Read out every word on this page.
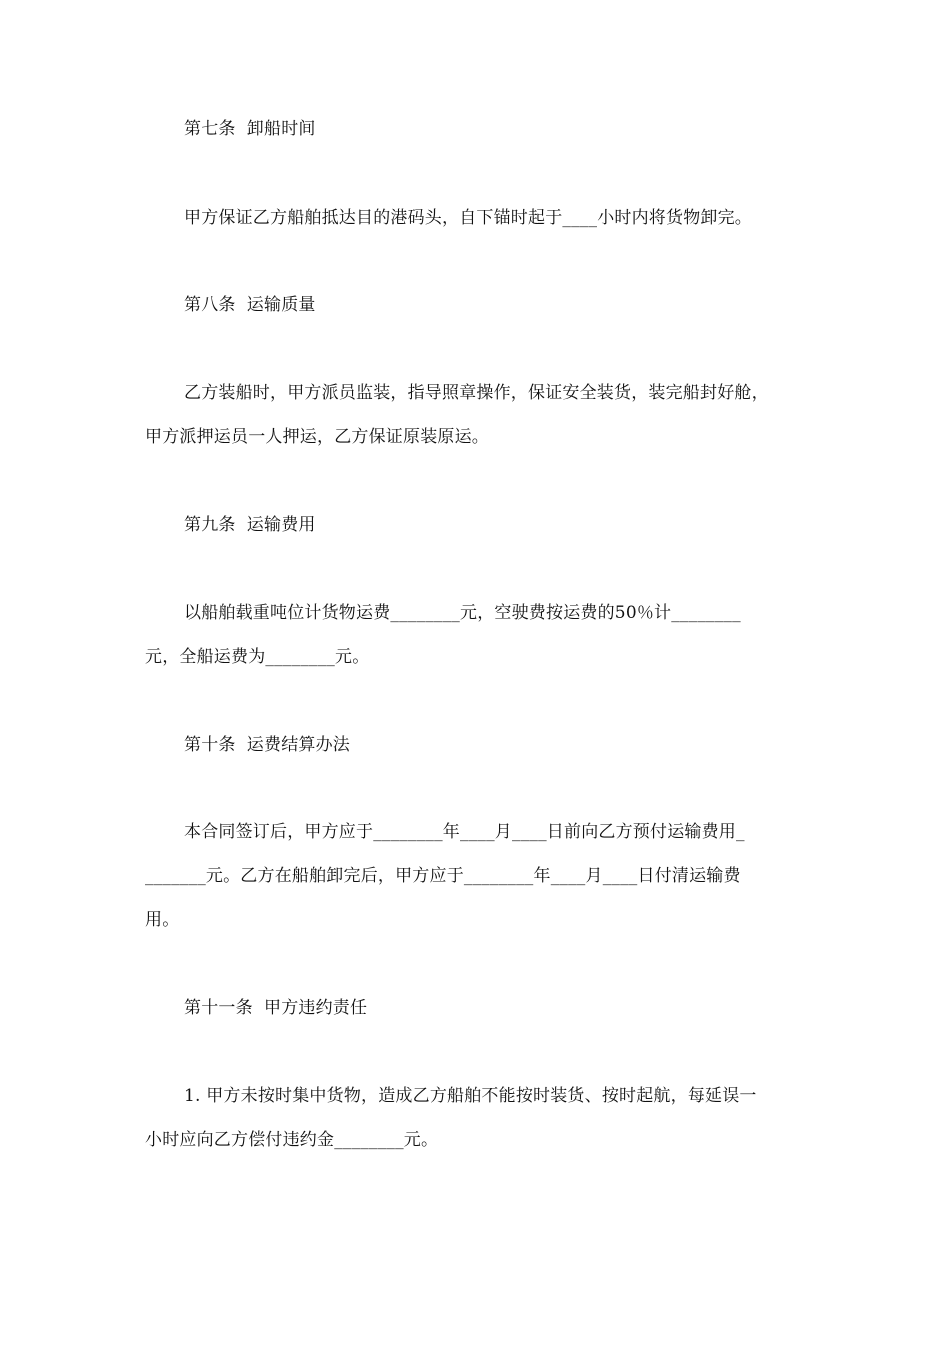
第七条  卸船时间
甲方保证乙方船舶抵达目的港码头，自下锚时起于____小时内将货物卸完。
第八条  运输质量
乙方装船时，甲方派员监装，指导照章操作，保证安全装货，装完船封好舱，
甲方派押运员一人押运，乙方保证原装原运。
第九条  运输费用
以船舶载重吨位计货物运费________元，空驶费按运费的50％计________
元，全船运费为________元。
第十条  运费结算办法
本合同签订后，甲方应于________年____月____日前向乙方预付运输费用_
_______元。乙方在船舶卸完后，甲方应于________年____月____日付清运输费
用。
第十一条  甲方违约责任
1. 甲方未按时集中货物，造成乙方船舶不能按时装货、按时起航，每延误一
小时应向乙方偿付违约金________元。
